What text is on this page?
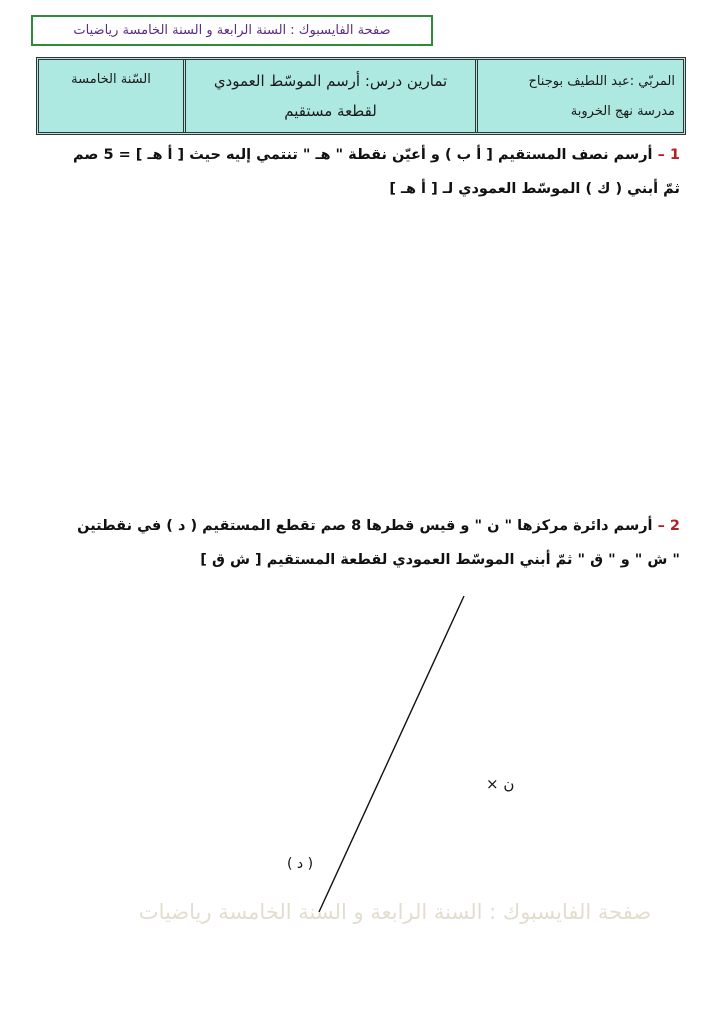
صفحة الفايسبوك : السنة الرابعة و السنة الخامسة رياضيات
السّنة الخامسة	تمارين درس: أرسم الموسّط العمودي
لقطعة مستقيم
المربّي :عبد اللطيف بوجناح
مدرسة نهج الخروبة
1 – أرسم نصف المستقيم [ أ ب ) و أعيّن نقطة " هـ " تنتمي إليه حيث [ أ هـ ] = 5 صم
ثمّ أبني ( ك ) الموسّط العمودي لـ [ أ هـ ]
2 – أرسم دائرة مركزها " ن " و قيس قطرها 8 صم تقطع المستقيم ( د ) في نقطتين
" ش " و " ق " ثمّ أبني الموسّط العمودي لقطعة المستقيم [ ش ق ]
ن ×
( د )
صفحة الفايسبوك : السنة الرابعة و السنة الخامسة رياضيات
